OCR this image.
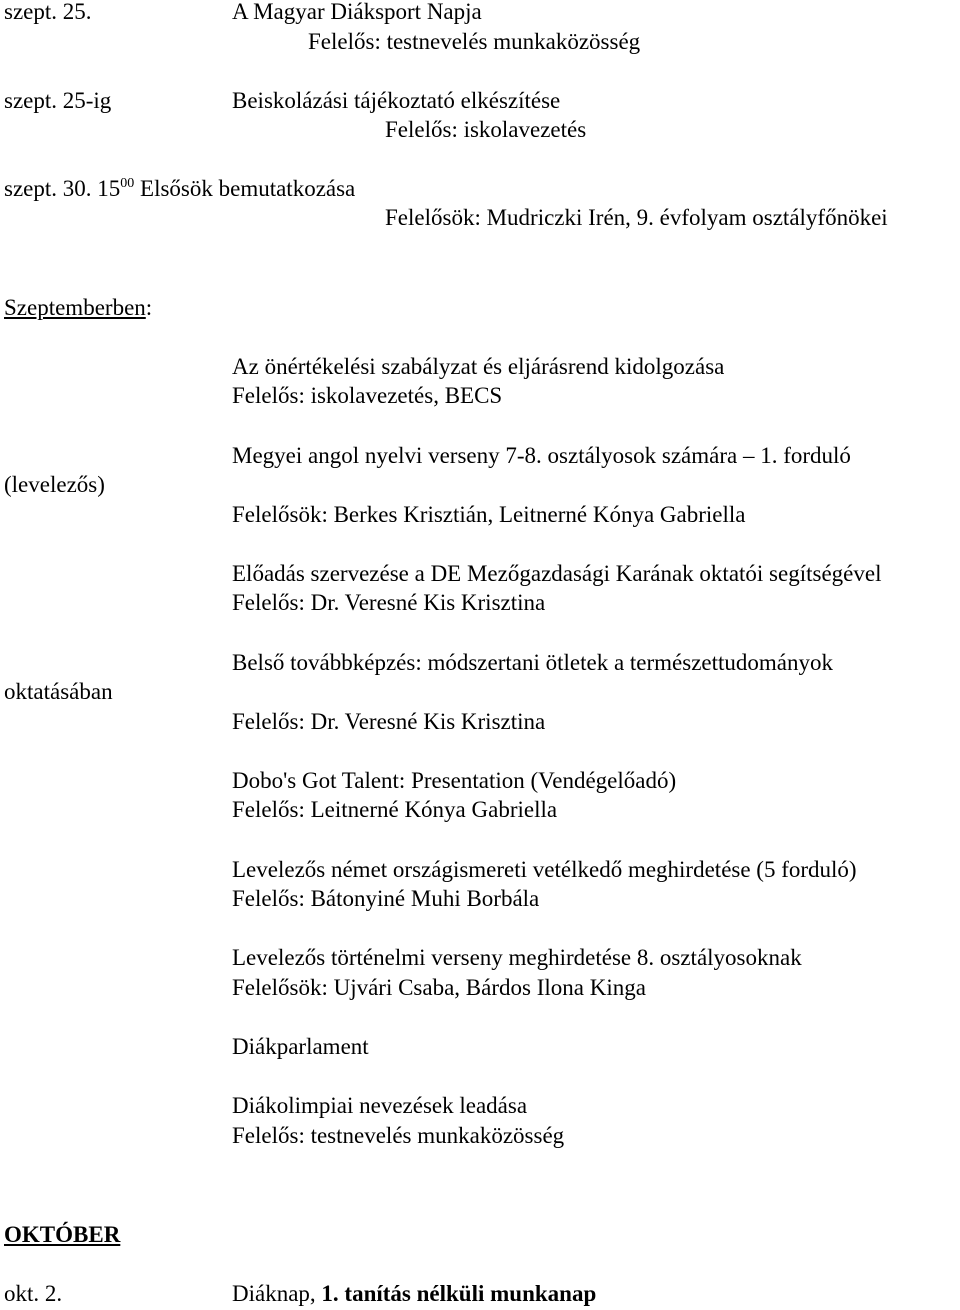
szept. 25.	A Magyar Diáksport Napja
Felelős: testnevelés munkaközösség
szept. 25-ig	Beiskolázási tájékoztató elkészítése
Felelős: iskolavezetés
szept. 30. $15^{00}$ Elsősök bemutatkozása
Felelősök: Mudriczki Irén, 9. évfolyam osztályfőnökei
Szeptemberben:
Az önértékelési szabályzat és eljárásrend kidolgozása
Felelős: iskolavezetés, BECS
Megyei angol nyelvi verseny 7-8. osztályosok számára – 1. forduló
(levelezős)
Felelősök: Berkes Krisztián, Leitnerné Kónya Gabriella
Előadás szervezése a DE Mezőgazdasági Karának oktatói segítségével
Felelős: Dr. Veresné Kis Krisztina
Belső továbbképzés: módszertani ötletek a természettudományok
oktatásában
Felelős: Dr. Veresné Kis Krisztina
Dobo's Got Talent: Presentation (Vendégelőadó)
Felelős: Leitnerné Kónya Gabriella
Levelezős német országismereti vetélkedő meghirdetése (5 forduló)
Felelős: Bátonyiné Muhi Borbála
Levelezős történelmi verseny meghirdetése 8. osztályosoknak
Felelősök: Ujvári Csaba, Bárdos Ilona Kinga
Diákparlament
Diákolimpiai nevezések leadása
Felelős: testnevelés munkaközösség
OKTÓBER
okt. 2.	Diáknap, 1. tanítás nélküli munkanap
